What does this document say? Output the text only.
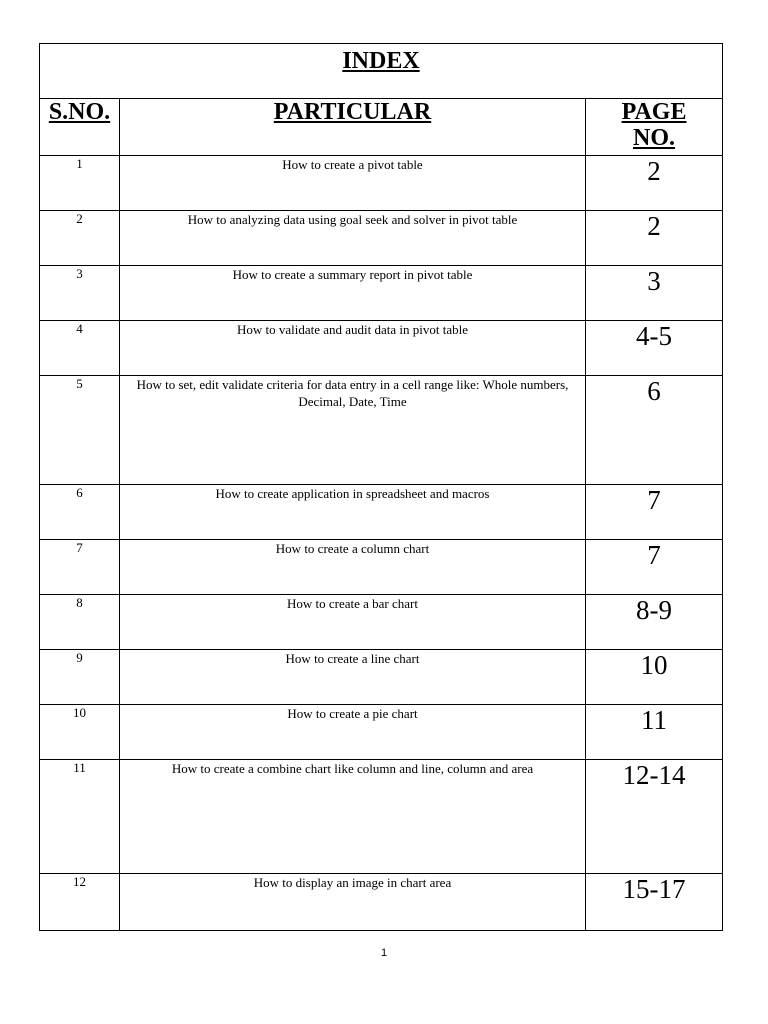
INDEX		
S.NO.	PARTICULAR	PAGE
NO.
1	How to create a pivot table	2
2	How to analyzing data using goal seek and solver in pivot table	2
3	How to create a summary report in pivot table	3
4	How to validate and audit data in pivot table	4-5
5	How to set, edit validate criteria for data entry in a cell range like: Whole numbers, Decimal, Date, Time	6
6	How to create application in spreadsheet and macros	7
7	How to create a column chart	7
8	How to create a bar chart	8-9
9	How to create a line chart	10
10	How to create a pie chart	11
11	How to create a combine chart like column and line, column and area	12-14
12	How to display an image in chart area	15-17
1
